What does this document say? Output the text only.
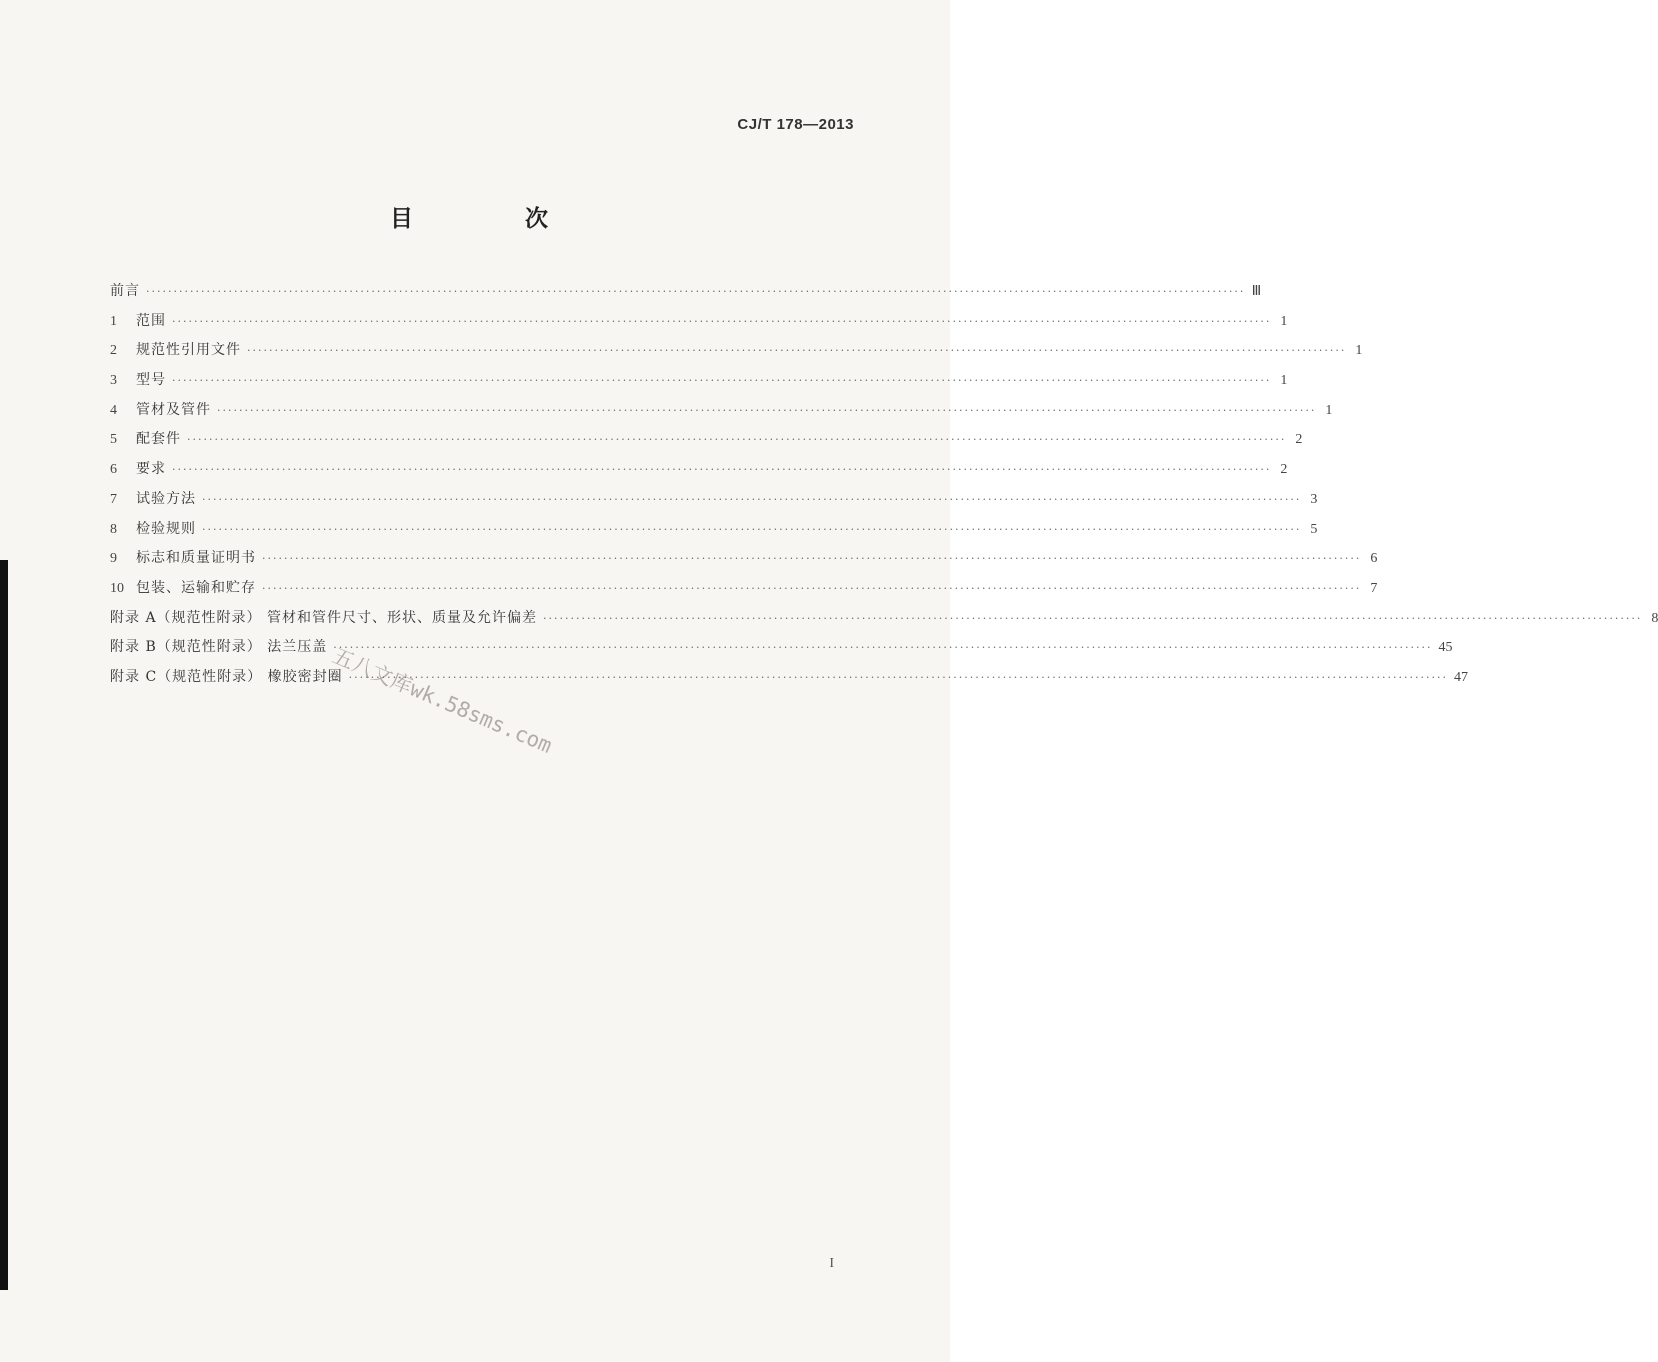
CJ/T 178—2013
目 次
前言 ········································································································································································································ Ⅲ
1	范围 ········································································································································································································ 1
2	规范性引用文件 ········································································································································································································ 1
3	型号 ········································································································································································································ 1
4	管材及管件 ········································································································································································································ 1
5	配套件 ········································································································································································································ 2
6	要求 ········································································································································································································ 2
7	试验方法 ········································································································································································································ 3
8	检验规则 ········································································································································································································ 5
9	标志和质量证明书 ········································································································································································································ 6
10 包装、运输和贮存 ········································································································································································································ 7
附录 A（规范性附录） 管材和管件尺寸、形状、质量及允许偏差 ········································································································································································································ 8
附录 B（规范性附录） 法兰压盖 ········································································································································································································ 45
附录 C（规范性附录） 橡胶密封圈 ········································································································································································································ 47
五八文库wk.58sms.com
I
